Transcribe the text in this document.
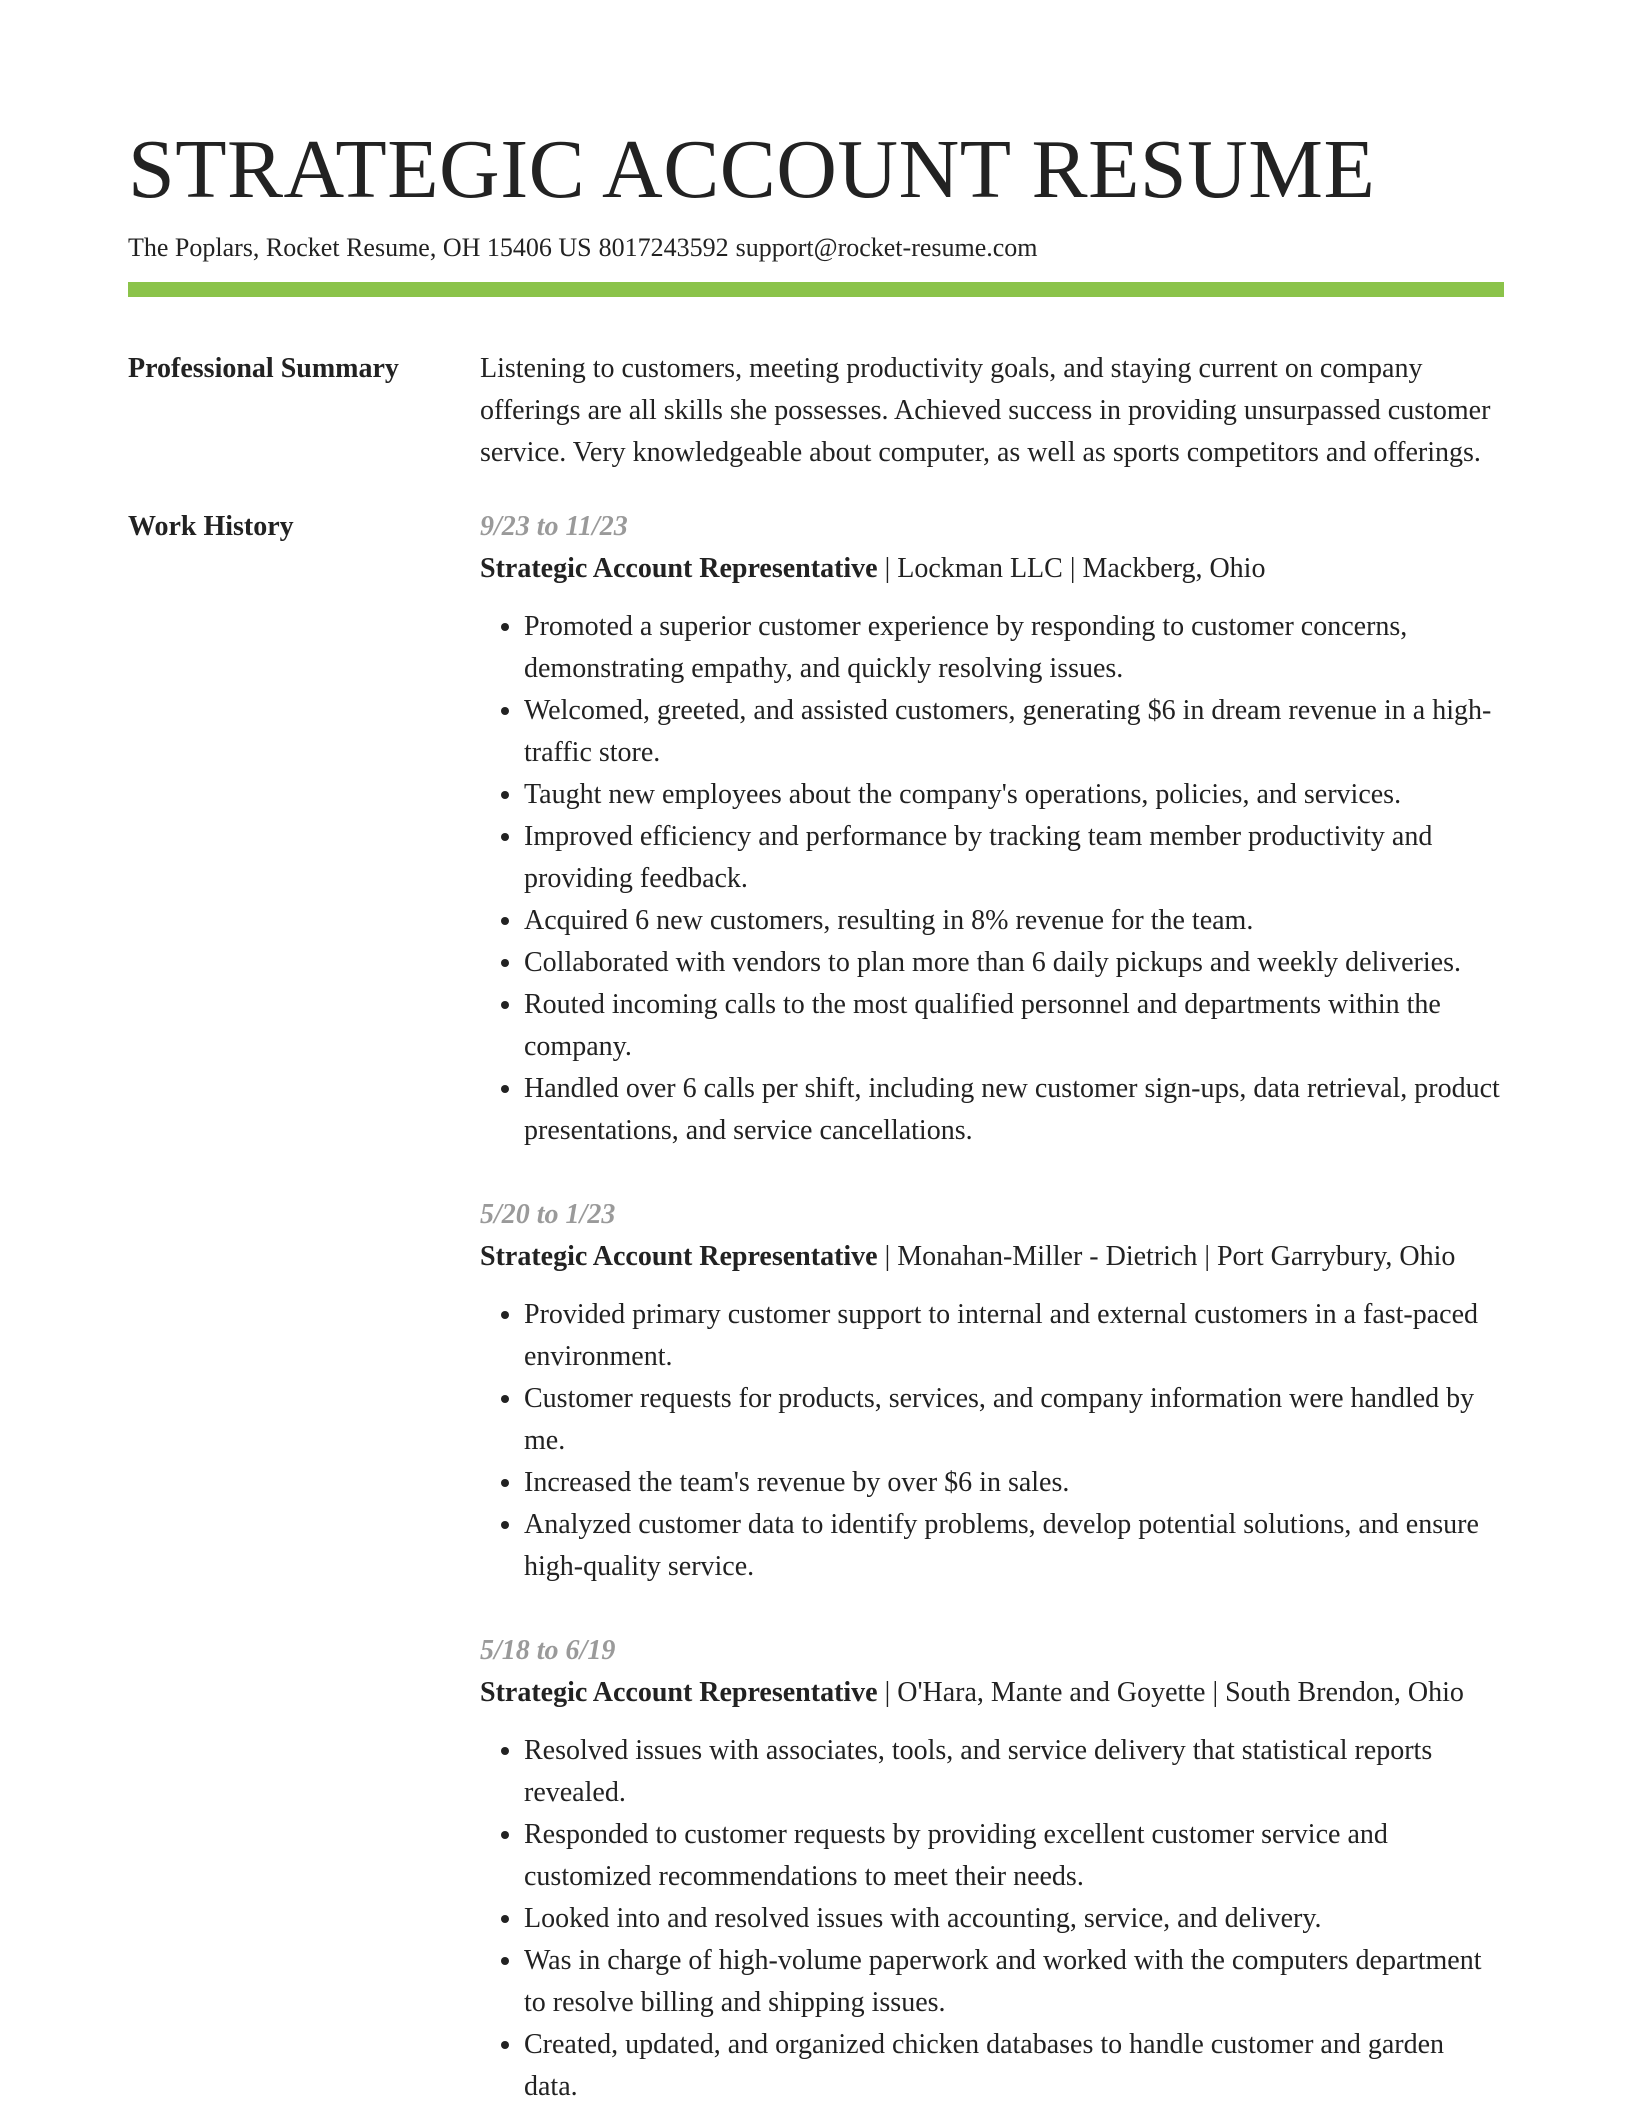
STRATEGIC ACCOUNT RESUME
The Poplars, Rocket Resume, OH 15406 US 8017243592 support@rocket-resume.com
Professional Summary	Listening to customers, meeting productivity goals, and staying current on company offerings are all skills she possesses. Achieved success in providing unsurpassed customer service. Very knowledgeable about computer, as well as sports competitors and offerings.

Work History	9/23 to 11/23
Strategic Account Representative | Lockman LLC | Mackberg, Ohio
• Promoted a superior customer experience by responding to customer concerns, demonstrating empathy, and quickly resolving issues.
• Welcomed, greeted, and assisted customers, generating $6 in dream revenue in a high-traffic store.
• Taught new employees about the company's operations, policies, and services.
• Improved efficiency and performance by tracking team member productivity and providing feedback.
• Acquired 6 new customers, resulting in 8% revenue for the team.
• Collaborated with vendors to plan more than 6 daily pickups and weekly deliveries.
• Routed incoming calls to the most qualified personnel and departments within the company.
• Handled over 6 calls per shift, including new customer sign-ups, data retrieval, product presentations, and service cancellations.
5/20 to 1/23
Strategic Account Representative | Monahan-Miller - Dietrich | Port Garrybury, Ohio
• Provided primary customer support to internal and external customers in a fast-paced environment.
• Customer requests for products, services, and company information were handled by me.
• Increased the team's revenue by over $6 in sales.
• Analyzed customer data to identify problems, develop potential solutions, and ensure high-quality service.
5/18 to 6/19
Strategic Account Representative | O'Hara, Mante and Goyette | South Brendon, Ohio
• Resolved issues with associates, tools, and service delivery that statistical reports revealed.
• Responded to customer requests by providing excellent customer service and customized recommendations to meet their needs.
• Looked into and resolved issues with accounting, service, and delivery.
• Was in charge of high-volume paperwork and worked with the computers department to resolve billing and shipping issues.
• Created, updated, and organized chicken databases to handle customer and garden data.
